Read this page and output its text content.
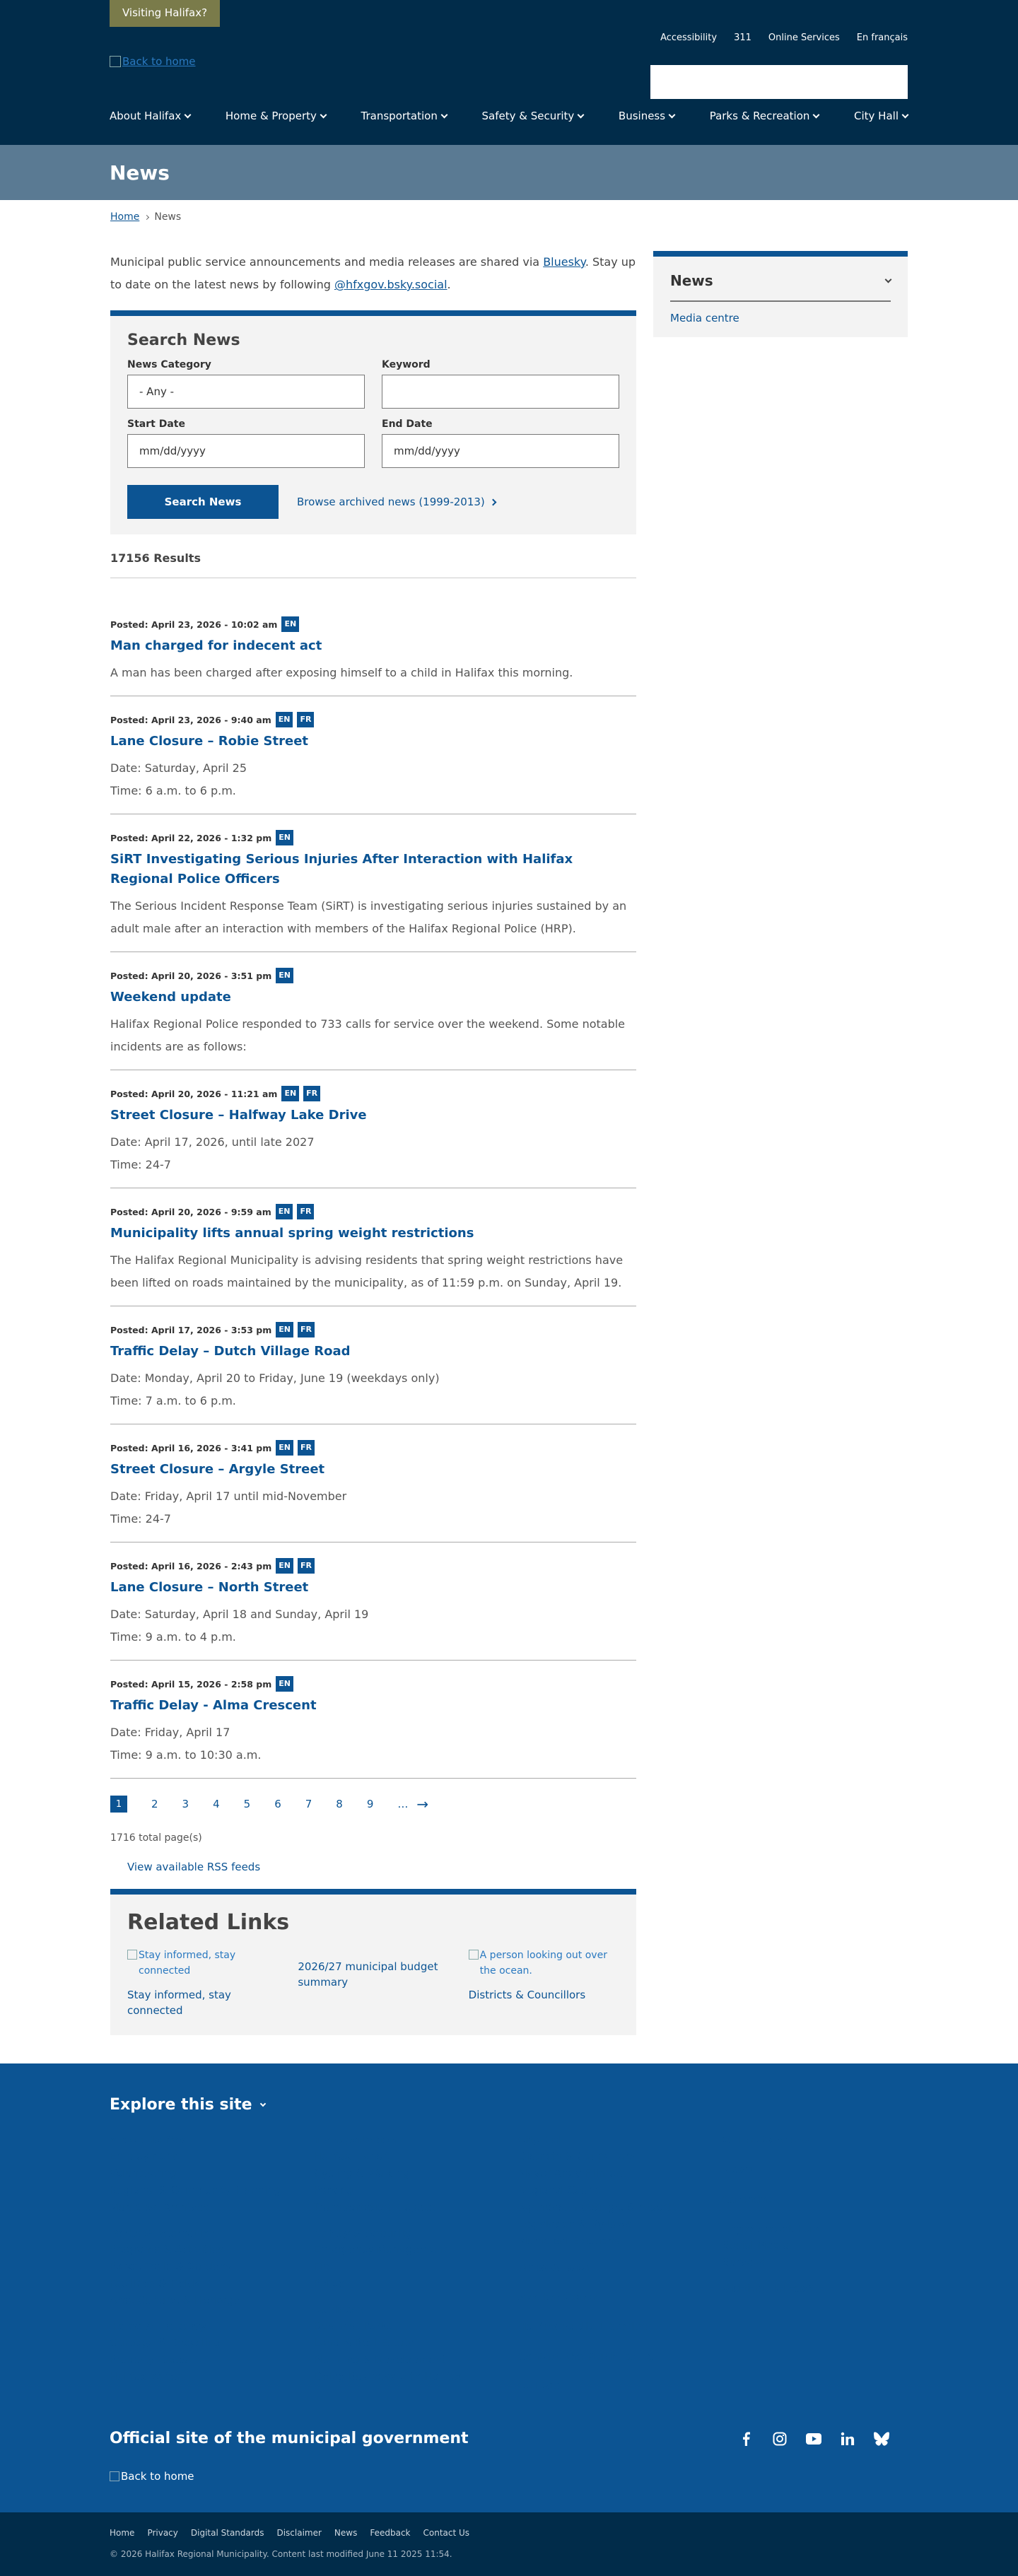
Visiting Halifax?
Accessibility 311 Online Services En français
Back to home
About Halifax	Home & Property	Transportation	Safety & Security	Business	Parks & Recreation	City Hall
News
Home News

Municipal public service announcements and media releases are shared via Bluesky. Stay up to date on the latest news by following @hfxgov.bsky.social.

Search News
News Category
- Any -
Keyword
Start Date
mm/dd/yyyy
End Date
mm/dd/yyyy
Search News	Browse archived news (1999-2013)
17156 Results
Posted: April 23, 2026 - 10:02 am EN
Man charged for indecent act

A man has been charged after exposing himself to a child in Halifax this morning.

Posted: April 23, 2026 - 9:40 am EN	FR
Lane Closure – Robie Street

Date: Saturday, April 25

Time: 6 a.m. to 6 p.m.

Posted: April 22, 2026 - 1:32 pm EN
SiRT Investigating Serious Injuries After Interaction with Halifax Regional Police Officers

The Serious Incident Response Team (SiRT) is investigating serious injuries sustained by an adult male after an interaction with members of the Halifax Regional Police (HRP).

Posted: April 20, 2026 - 3:51 pm EN
Weekend update

Halifax Regional Police responded to 733 calls for service over the weekend. Some notable incidents are as follows:

Posted: April 20, 2026 - 11:21 am EN	FR
Street Closure – Halfway Lake Drive

Date: April 17, 2026, until late 2027

Time: 24-7

Posted: April 20, 2026 - 9:59 am EN	FR
Municipality lifts annual spring weight restrictions

The Halifax Regional Municipality is advising residents that spring weight restrictions have been lifted on roads maintained by the municipality, as of 11:59 p.m. on Sunday, April 19.

Posted: April 17, 2026 - 3:53 pm EN	FR
Traffic Delay – Dutch Village Road

Date: Monday, April 20 to Friday, June 19 (weekdays only)

Time: 7 a.m. to 6 p.m.

Posted: April 16, 2026 - 3:41 pm EN	FR
Street Closure – Argyle Street

Date: Friday, April 17 until mid-November

Time: 24-7

Posted: April 16, 2026 - 2:43 pm EN	FR
Lane Closure – North Street

Date: Saturday, April 18 and Sunday, April 19

Time: 9 a.m. to 4 p.m.

Posted: April 15, 2026 - 2:58 pm EN
Traffic Delay - Alma Crescent

Date: Friday, April 17

Time: 9 a.m. to 10:30 a.m.

1	2 3 4 5 6 7 8 9 … →
1716 total page(s)
View available RSS feeds
Related Links
Stay informed, stay connected
Stay informed, stay connected
2026/27 municipal budget summary
A person looking out over the ocean.
Districts & Councillors
News
Media centre
Explore this site
About Halifax
Employment
Volunteering
Regional & Community Planning
Municipal Archives
Parks & Recreation
Programs & Activities
Parks, Trails & Gardens
Facilities & Fields
Arts, Culture, & Heritage
Home & Property
Garbage & Recycling
Property Taxes
Halifax Water
Transportation
Halifax Transit
Cycling & Walking
Parking
Transportation Projects
Safety & Security
Emergency Management
Fire
Police
Business
Business Parks
Land & Real Estate
Planning & Development
Doing Business with Halifax
City Hall
Districts & Councillors
Mayor Andy Fillmore
Regional Council
Agendas, meetings, & reports
Legislation & By-laws
Municipal Elections
Maps & Data
Auditor General
Halifax Public Libraries
Contact the Municipality
Call 311
Online Services
News
Calendar
Engagement Hub
Social Media
Surveys
Visiting Halifax?
Official site of the municipal government
Back to home
Home Privacy Digital Standards Disclaimer News Feedback Contact Us
© 2026 Halifax Regional Municipality. Content last modified June 11 2025 11:54.
